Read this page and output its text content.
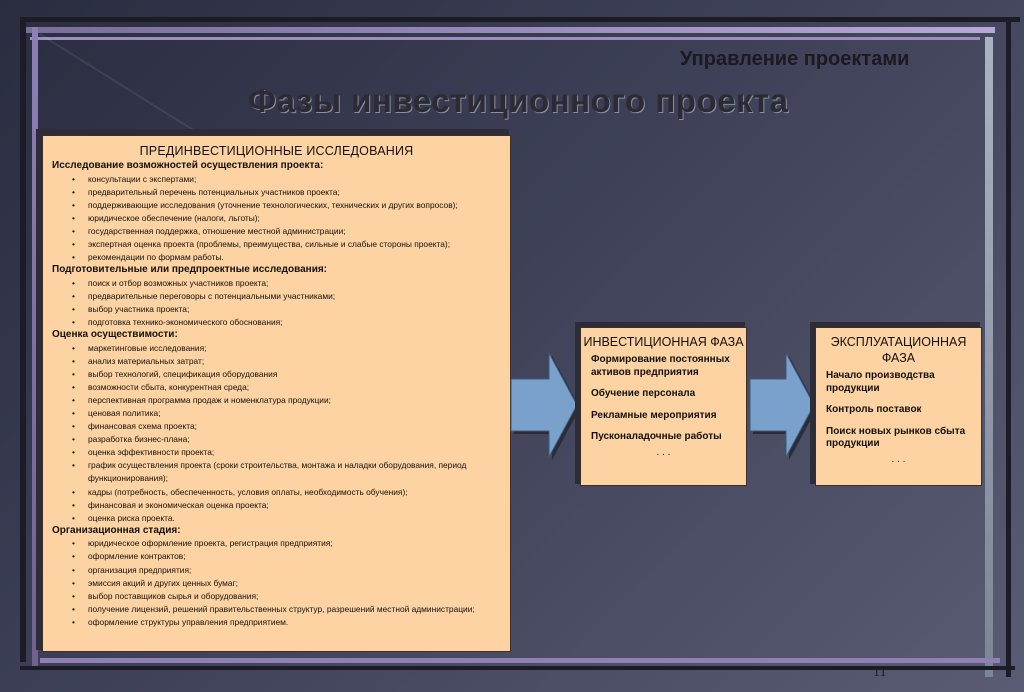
Управление проектами
Фазы инвестиционного проекта
ПРЕДИНВЕСТИЦИОННЫЕ ИССЛЕДОВАНИЯ
Исследование возможностей осуществления проекта:
• консультации с экспертами;
• предварительный перечень потенциальных участников проекта;
• поддерживающие исследования (уточнение технологических, технических и других вопросов);
• юридическое обеспечение (налоги, льготы);
• государственная поддержка, отношение местной администрации;
• экспертная оценка проекта (проблемы, преимущества, сильные и слабые стороны проекта);
• рекомендации по формам работы.
Подготовительные или предпроектные исследования:
• поиск и отбор возможных участников проекта;
• предварительные переговоры с потенциальными участниками;
• выбор участника проекта;
• подготовка технико-экономического обоснования;
Оценка осуществимости:
• маркетинговые исследования;
• анализ материальных затрат;
• выбор технологий, спецификация оборудования
• возможности сбыта, конкурентная среда;
• перспективная программа продаж и номенклатура продукции;
• ценовая политика;
• финансовая схема проекта;
• разработка бизнес-плана;
• оценка эффективности проекта;
• график осуществления проекта (сроки строительства, монтажа и наладки оборудования, период функционирования);
• кадры (потребность, обеспеченность, условия оплаты, необходимость обучения);
• финансовая и экономическая оценка проекта;
• оценка риска проекта.
Организационная стадия:
• юридическое оформление проекта, регистрация предприятия;
• оформление контрактов;
• организация предприятия;
• эмиссия акций и других ценных бумаг;
• выбор поставщиков сырья и оборудования;
• получение лицензий, решений правительственных структур, разрешений местной администрации;
• оформление структуры управления предприятием.
ИНВЕСТИЦИОННАЯ ФАЗА
Формирование постоянных активов предприятия
Обучение персонала
Рекламные мероприятия
Пусконаладочные работы
. . .
ЭКСПЛУАТАЦИОННАЯ ФАЗА
Начало производства продукции
Контроль поставок
Поиск новых рынков сбыта продукции
. . .
11
